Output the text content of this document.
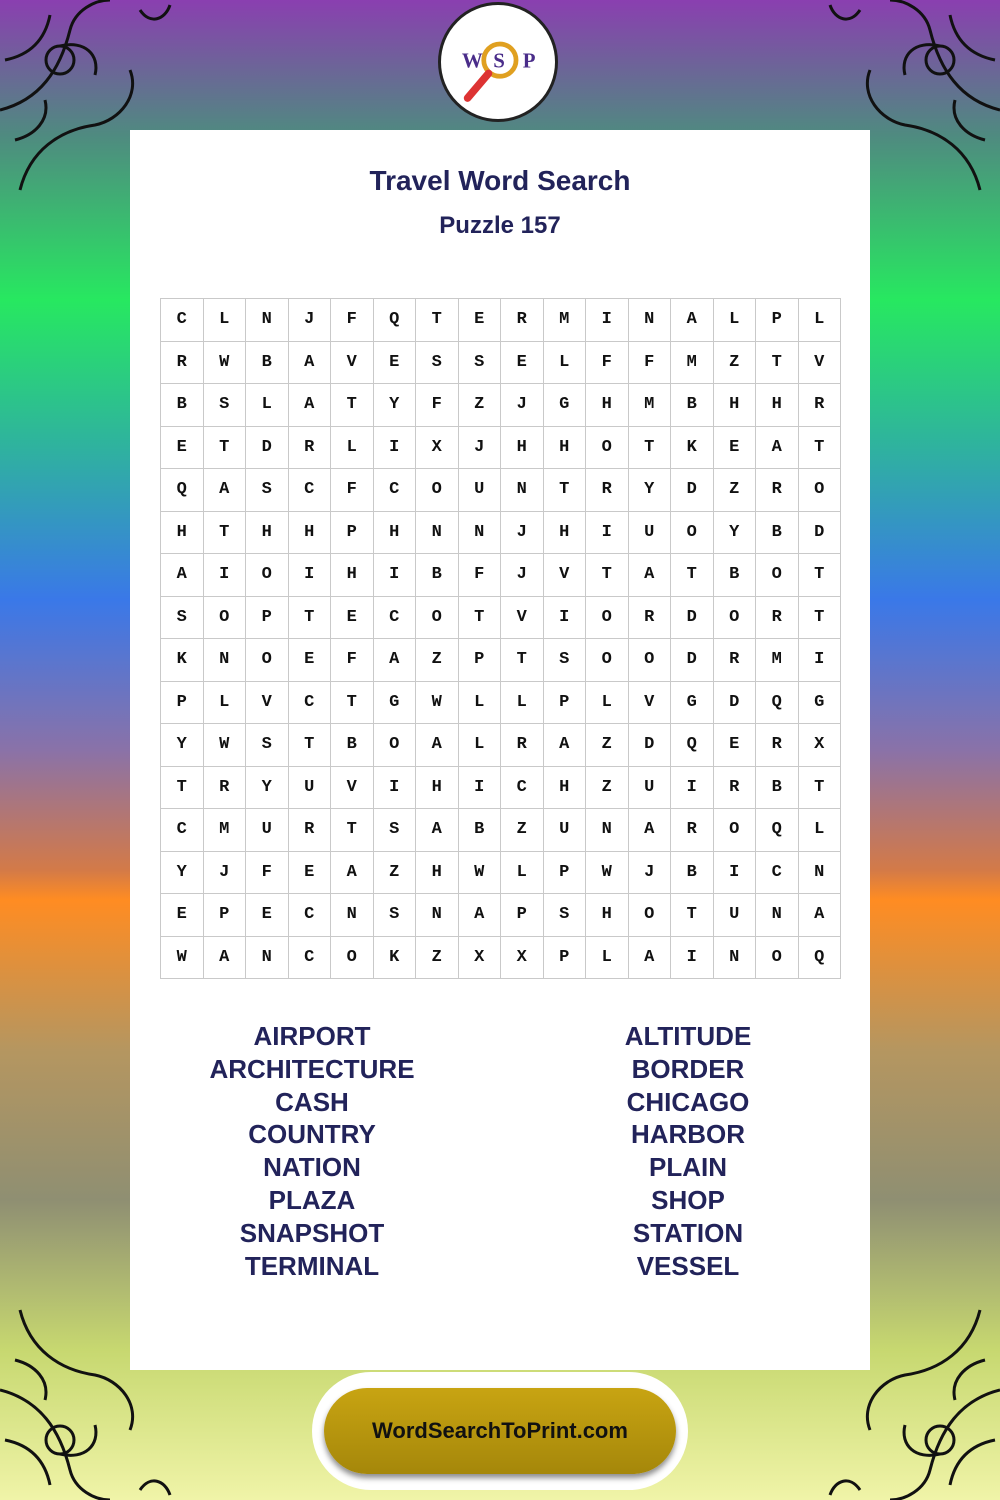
W S P
Travel Word Search
Puzzle 157
C	L	N	J	F	Q	T	E	R	M	I	N	A	L	P	L
R	W	B	A	V	E	S	S	E	L	F	F	M	Z	T	V
B	S	L	A	T	Y	F	Z	J	G	H	M	B	H	H	R
E	T	D	R	L	I	X	J	H	H	O	T	K	E	A	T
Q	A	S	C	F	C	O	U	N	T	R	Y	D	Z	R	O
H	T	H	H	P	H	N	N	J	H	I	U	O	Y	B	D
A	I	O	I	H	I	B	F	J	V	T	A	T	B	O	T
S	O	P	T	E	C	O	T	V	I	O	R	D	O	R	T
K	N	O	E	F	A	Z	P	T	S	O	O	D	R	M	I
P	L	V	C	T	G	W	L	L	P	L	V	G	D	Q	G
Y	W	S	T	B	O	A	L	R	A	Z	D	Q	E	R	X
T	R	Y	U	V	I	H	I	C	H	Z	U	I	R	B	T
C	M	U	R	T	S	A	B	Z	U	N	A	R	O	Q	L
Y	J	F	E	A	Z	H	W	L	P	W	J	B	I	C	N
E	P	E	C	N	S	N	A	P	S	H	O	T	U	N	A
W	A	N	C	O	K	Z	X	X	P	L	A	I	N	O	Q
AIRPORT
ARCHITECTURE
CASH
COUNTRY
NATION
PLAZA
SNAPSHOT
TERMINAL
ALTITUDE
BORDER
CHICAGO
HARBOR
PLAIN
SHOP
STATION
VESSEL
WordSearchToPrint.com
